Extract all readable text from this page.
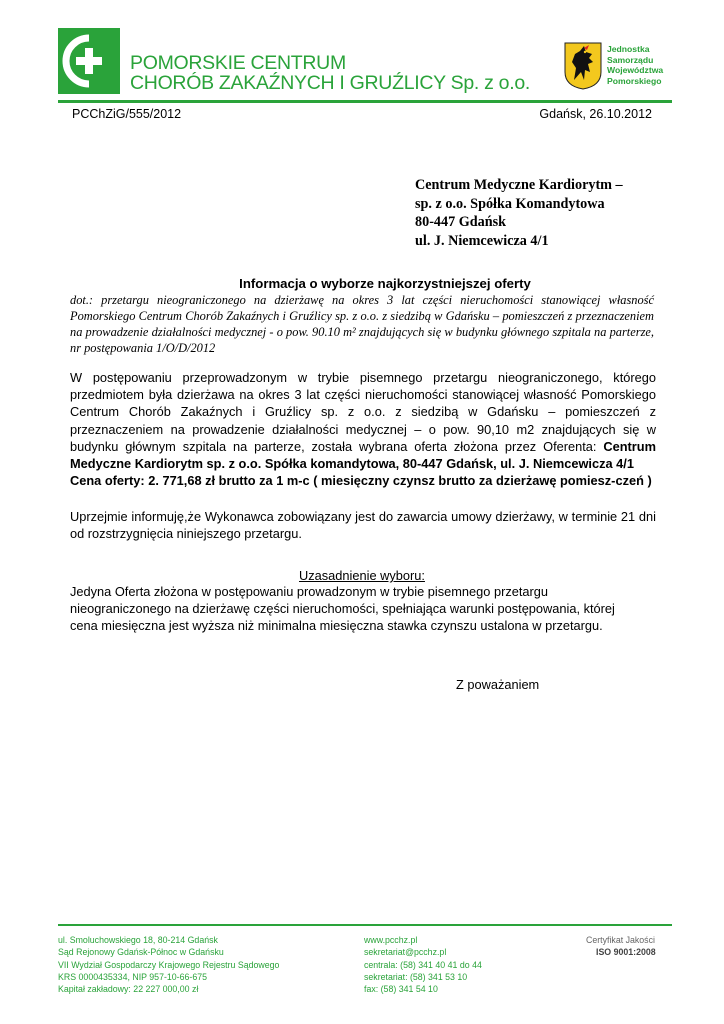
POMORSKIE CENTRUM
CHORÓB ZAKAŹNYCH I GRUŹLICY Sp. z o.o.
Jednostka
Samorządu
Województwa
Pomorskiego
PCChZiG/555/2012	Gdańsk, 26.10.2012
Centrum Medyczne Kardiorytm –
sp. z o.o. Spółka Komandytowa
80-447 Gdańsk
ul. J. Niemcewicza 4/1
Informacja o wyborze najkorzystniejszej oferty
dot.: przetargu nieograniczonego na dzierżawę na okres 3 lat części nieruchomości stanowiącej własność Pomorskiego Centrum Chorób Zakaźnych i Gruźlicy sp. z o.o. z siedzibą w Gdańsku – pomieszczeń z przeznaczeniem na prowadzenie działalności medycznej - o pow. 90.10 m² znajdujących się w budynku głównego szpitala na parterze, nr postępowania 1/O/D/2012
W postępowaniu przeprowadzonym w trybie pisemnego przetargu nieograniczonego, którego przedmiotem była dzierżawa na okres 3 lat części nieruchomości stanowiącej własność Pomorskiego Centrum Chorób Zakaźnych i Gruźlicy sp. z o.o. z siedzibą w Gdańsku – pomieszczeń z przeznaczeniem na prowadzenie działalności medycznej – o pow. 90,10 m2 znajdujących się w budynku głównym szpitala na parterze, została wybrana oferta złożona przez Oferenta: Centrum Medyczne Kardiorytm sp. z o.o. Spółka komandytowa, 80-447 Gdańsk, ul. J. Niemcewicza 4/1
Cena oferty: 2. 771,68 zł brutto za 1 m-c ( miesięczny czynsz brutto za dzierżawę pomiesz-czeń )
Uprzejmie informuję,że Wykonawca zobowiązany jest do zawarcia umowy dzierżawy, w terminie 21 dni od rozstrzygnięcia niniejszego przetargu.
Uzasadnienie wyboru:
Jedyna Oferta złożona w postępowaniu prowadzonym w trybie pisemnego przetargu
nieograniczonego na dzierżawę części nieruchomości, spełniająca warunki postępowania, której
cena miesięczna jest wyższa niż minimalna miesięczna stawka czynszu ustalona w przetargu.
Z poważaniem
ul. Smoluchowskiego 18, 80-214 Gdańsk
Sąd Rejonowy Gdańsk-Północ w Gdańsku
VII Wydział Gospodarczy Krajowego Rejestru Sądowego
KRS 0000435334, NIP 957-10-66-675
Kapitał zakładowy: 22 227 000,00 zł
www.pcchz.pl
sekretariat@pcchz.pl
centrala: (58) 341 40 41 do 44
sekretariat: (58) 341 53 10
fax: (58) 341 54 10
Certyfikat Jakości
ISO 9001:2008
